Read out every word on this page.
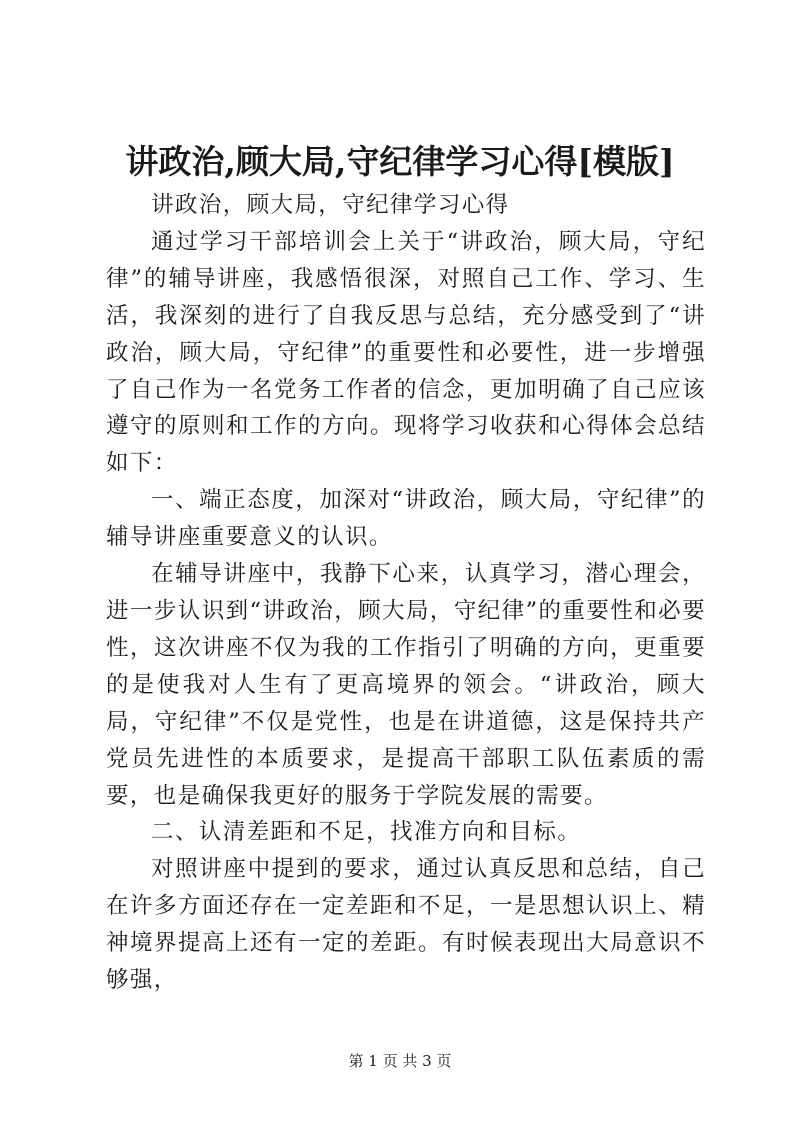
讲政治,顾大局,守纪律学习心得[模版]

讲政治，顾大局，守纪律学习心得

通过学习干部培训会上关于“讲政治，顾大局，守纪律”的辅导讲座，我感悟很深，对照自己工作、学习、生活，我深刻的进行了自我反思与总结，充分感受到了“讲政治，顾大局，守纪律”的重要性和必要性，进一步增强了自己作为一名党务工作者的信念，更加明确了自己应该遵守的原则和工作的方向。现将学习收获和心得体会总结如下：

一、端正态度，加深对“讲政治，顾大局，守纪律”的辅导讲座重要意义的认识。

在辅导讲座中，我静下心来，认真学习，潜心理会，进一步认识到“讲政治，顾大局，守纪律”的重要性和必要性，这次讲座不仅为我的工作指引了明确的方向，更重要的是使我对人生有了更高境界的领会。“讲政治，顾大局，守纪律”不仅是党性，也是在讲道德，这是保持共产党员先进性的本质要求，是提高干部职工队伍素质的需要，也是确保我更好的服务于学院发展的需要。

二、认清差距和不足，找准方向和目标。

对照讲座中提到的要求，通过认真反思和总结，自己在许多方面还存在一定差距和不足，一是思想认识上、精神境界提高上还有一定的差距。有时候表现出大局意识不够强，

第 1 页 共 3 页
